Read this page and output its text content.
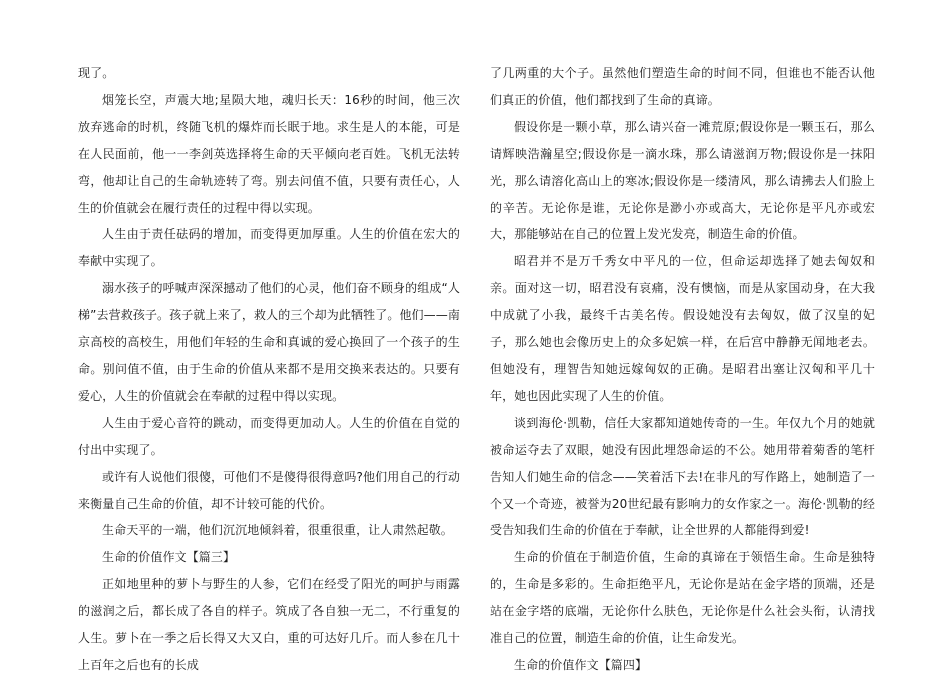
现了。

烟笼长空，声震大地;星陨大地，魂归长天：16秒的时间，他三次放弃逃命的时机，终随飞机的爆炸而长眠于地。求生是人的本能，可是在人民面前，他一一李剑英选择将生命的天平倾向老百姓。飞机无法转弯，他却让自己的生命轨迹转了弯。别去问值不值，只要有责任心，人生的价值就会在履行责任的过程中得以实现。

人生由于责任砝码的增加，而变得更加厚重。人生的价值在宏大的奉献中实现了。

溺水孩子的呼喊声深深撼动了他们的心灵，他们奋不顾身的组成“人梯”去营救孩子。孩子就上来了，救人的三个却为此牺牲了。他们——南京高校的高校生，用他们年轻的生命和真诚的爱心换回了一个孩子的生命。别问值不值，由于生命的价值从来都不是用交换来表达的。只要有爱心，人生的价值就会在奉献的过程中得以实现。

人生由于爱心音符的跳动，而变得更加动人。人生的价值在自觉的付出中实现了。

或许有人说他们很傻，可他们不是傻得很得意吗?他们用自己的行动来衡量自己生命的价值，却不计较可能的代价。

生命天平的一端，他们沉沉地倾斜着，很重很重，让人肃然起敬。

生命的价值作文【篇三】

正如地里种的萝卜与野生的人参，它们在经受了阳光的呵护与雨露的滋润之后，都长成了各自的样子。筑成了各自独一无二，不行重复的人生。萝卜在一季之后长得又大又白，重的可达好几斤。而人参在几十上百年之后也有的长成

了几两重的大个子。虽然他们塑造生命的时间不同，但谁也不能否认他们真正的价值，他们都找到了生命的真谛。

假设你是一颗小草，那么请兴奋一滩荒原;假设你是一颗玉石，那么请辉映浩瀚星空;假设你是一滴水珠，那么请滋润万物;假设你是一抹阳光，那么请溶化高山上的寒冰;假设你是一缕清风，那么请拂去人们脸上的辛苦。无论你是谁，无论你是渺小亦或高大，无论你是平凡亦或宏大，那能够站在自己的位置上发光发亮，制造生命的价值。

昭君并不是万千秀女中平凡的一位，但命运却选择了她去匈奴和亲。面对这一切，昭君没有哀痛，没有懊恼，而是从家国动身，在大我中成就了小我，最终千古美名传。假设她没有去匈奴，做了汉皇的妃子，那么她也会像历史上的众多妃嫔一样，在后宫中静静无闻地老去。但她没有，理智告知她远嫁匈奴的正确。是昭君出塞让汉匈和平几十年，她也因此实现了人生的价值。

谈到海伦·凯勒，信任大家都知道她传奇的一生。年仅九个月的她就被命运夺去了双眼，她没有因此埋怨命运的不公。她用带着菊香的笔杆告知人们她生命的信念——笑着活下去!在非凡的写作路上，她制造了一个又一个奇迹，被誉为20世纪最有影响力的女作家之一。海伦·凯勒的经受告知我们生命的价值在于奉献，让全世界的人都能得到爱!

生命的价值在于制造价值，生命的真谛在于领悟生命。生命是独特的，生命是多彩的。生命拒绝平凡，无论你是站在金字塔的顶端，还是站在金字塔的底端，无论你什么肤色，无论你是什么社会头衔，认清找准自己的位置，制造生命的价值，让生命发光。

生命的价值作文【篇四】
